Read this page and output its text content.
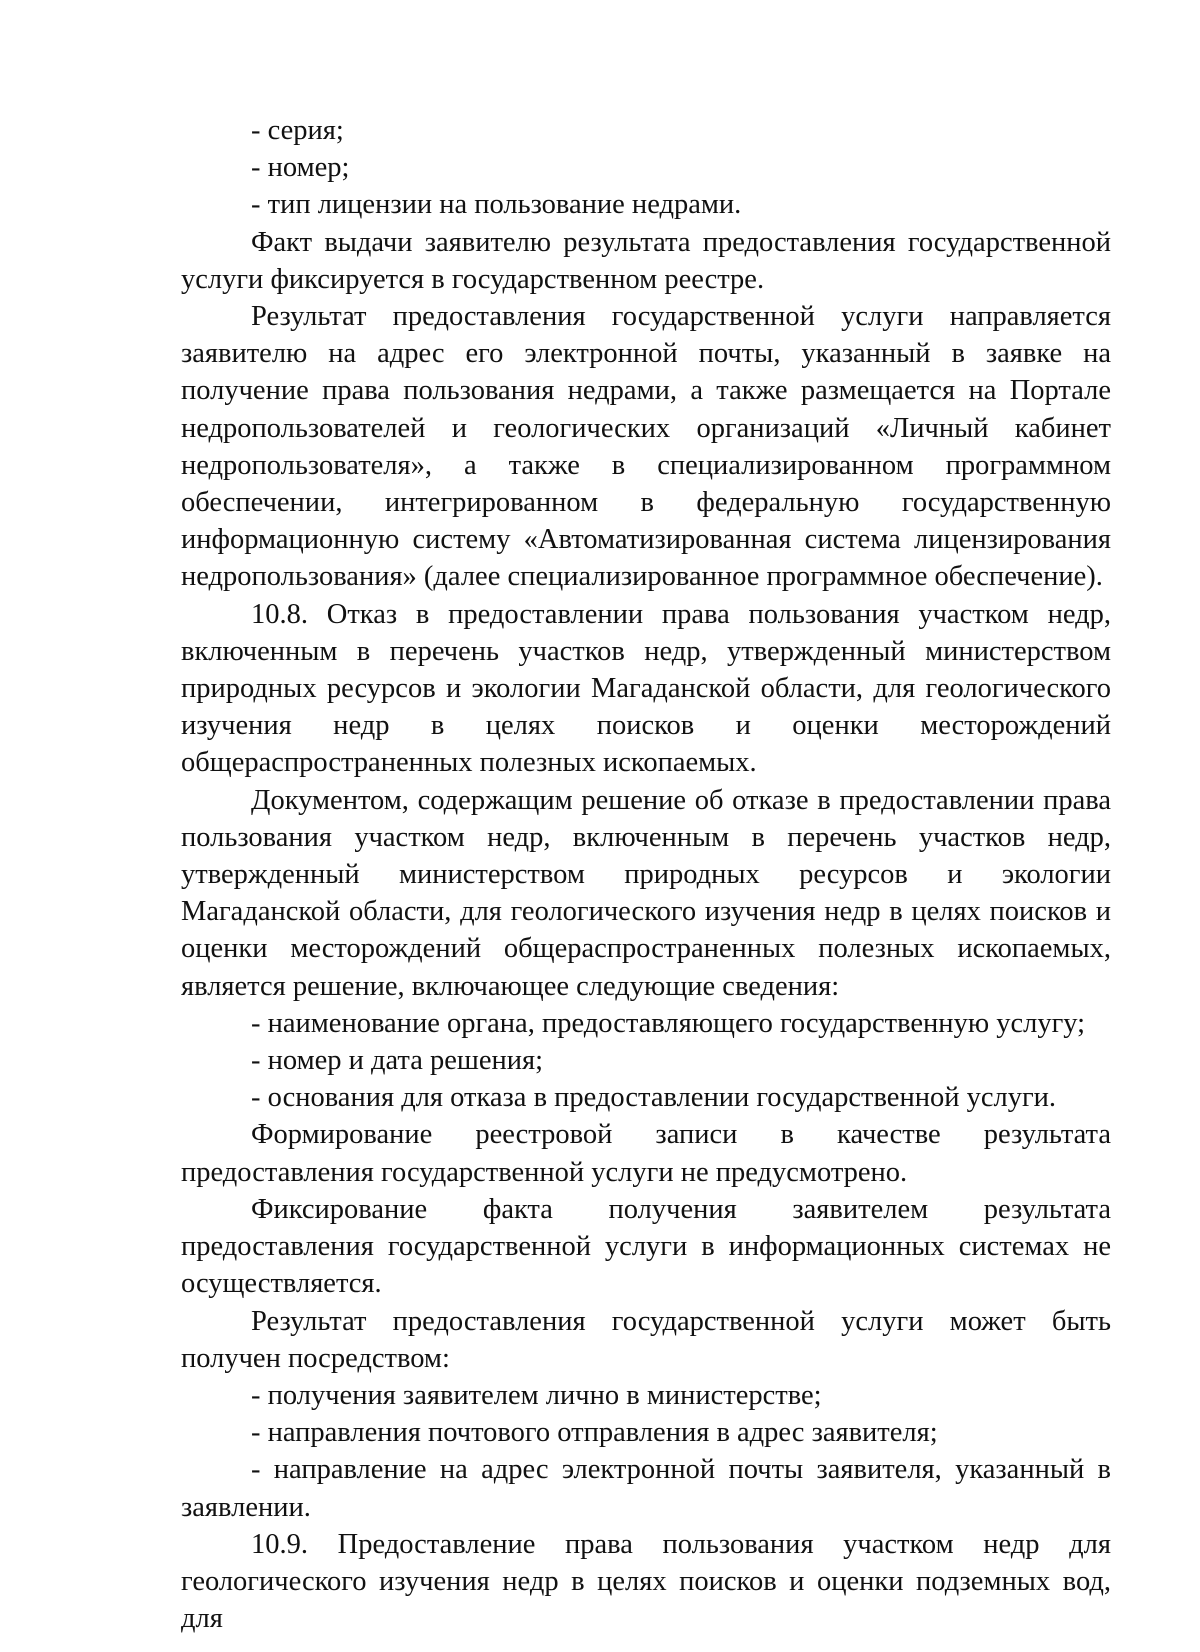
- серия;

- номер;

- тип лицензии на пользование недрами.

Факт выдачи заявителю результата предоставления государственной услуги фиксируется в государственном реестре.

Результат предоставления государственной услуги направляется заявителю на адрес его электронной почты, указанный в заявке на получение права пользования недрами, а также размещается на Портале недропользователей и геологических организаций «Личный кабинет недропользователя», а также в специализированном программном обеспечении, интегрированном в федеральную государственную информационную систему «Автоматизированная система лицензирования недропользования» (далее специализированное программное обеспечение).

10.8. Отказ в предоставлении права пользования участком недр, включенным в перечень участков недр, утвержденный министерством природных ресурсов и экологии Магаданской области, для геологического изучения недр в целях поисков и оценки месторождений общераспространенных полезных ископаемых.

Документом, содержащим решение об отказе в предоставлении права пользования участком недр, включенным в перечень участков недр, утвержденный министерством природных ресурсов и экологии Магаданской области, для геологического изучения недр в целях поисков и оценки месторождений общераспространенных полезных ископаемых, является решение, включающее следующие сведения:

- наименование органа, предоставляющего государственную услугу;

- номер и дата решения;

- основания для отказа в предоставлении государственной услуги.

Формирование реестровой записи в качестве результата предоставления государственной услуги не предусмотрено.

Фиксирование факта получения заявителем результата предоставления государственной услуги в информационных системах не осуществляется.

Результат предоставления государственной услуги может быть получен посредством:

- получения заявителем лично в министерстве;

- направления почтового отправления в адрес заявителя;

- направление на адрес электронной почты заявителя, указанный в заявлении.

10.9. Предоставление права пользования участком недр для геологического изучения недр в целях поисков и оценки подземных вод, для
